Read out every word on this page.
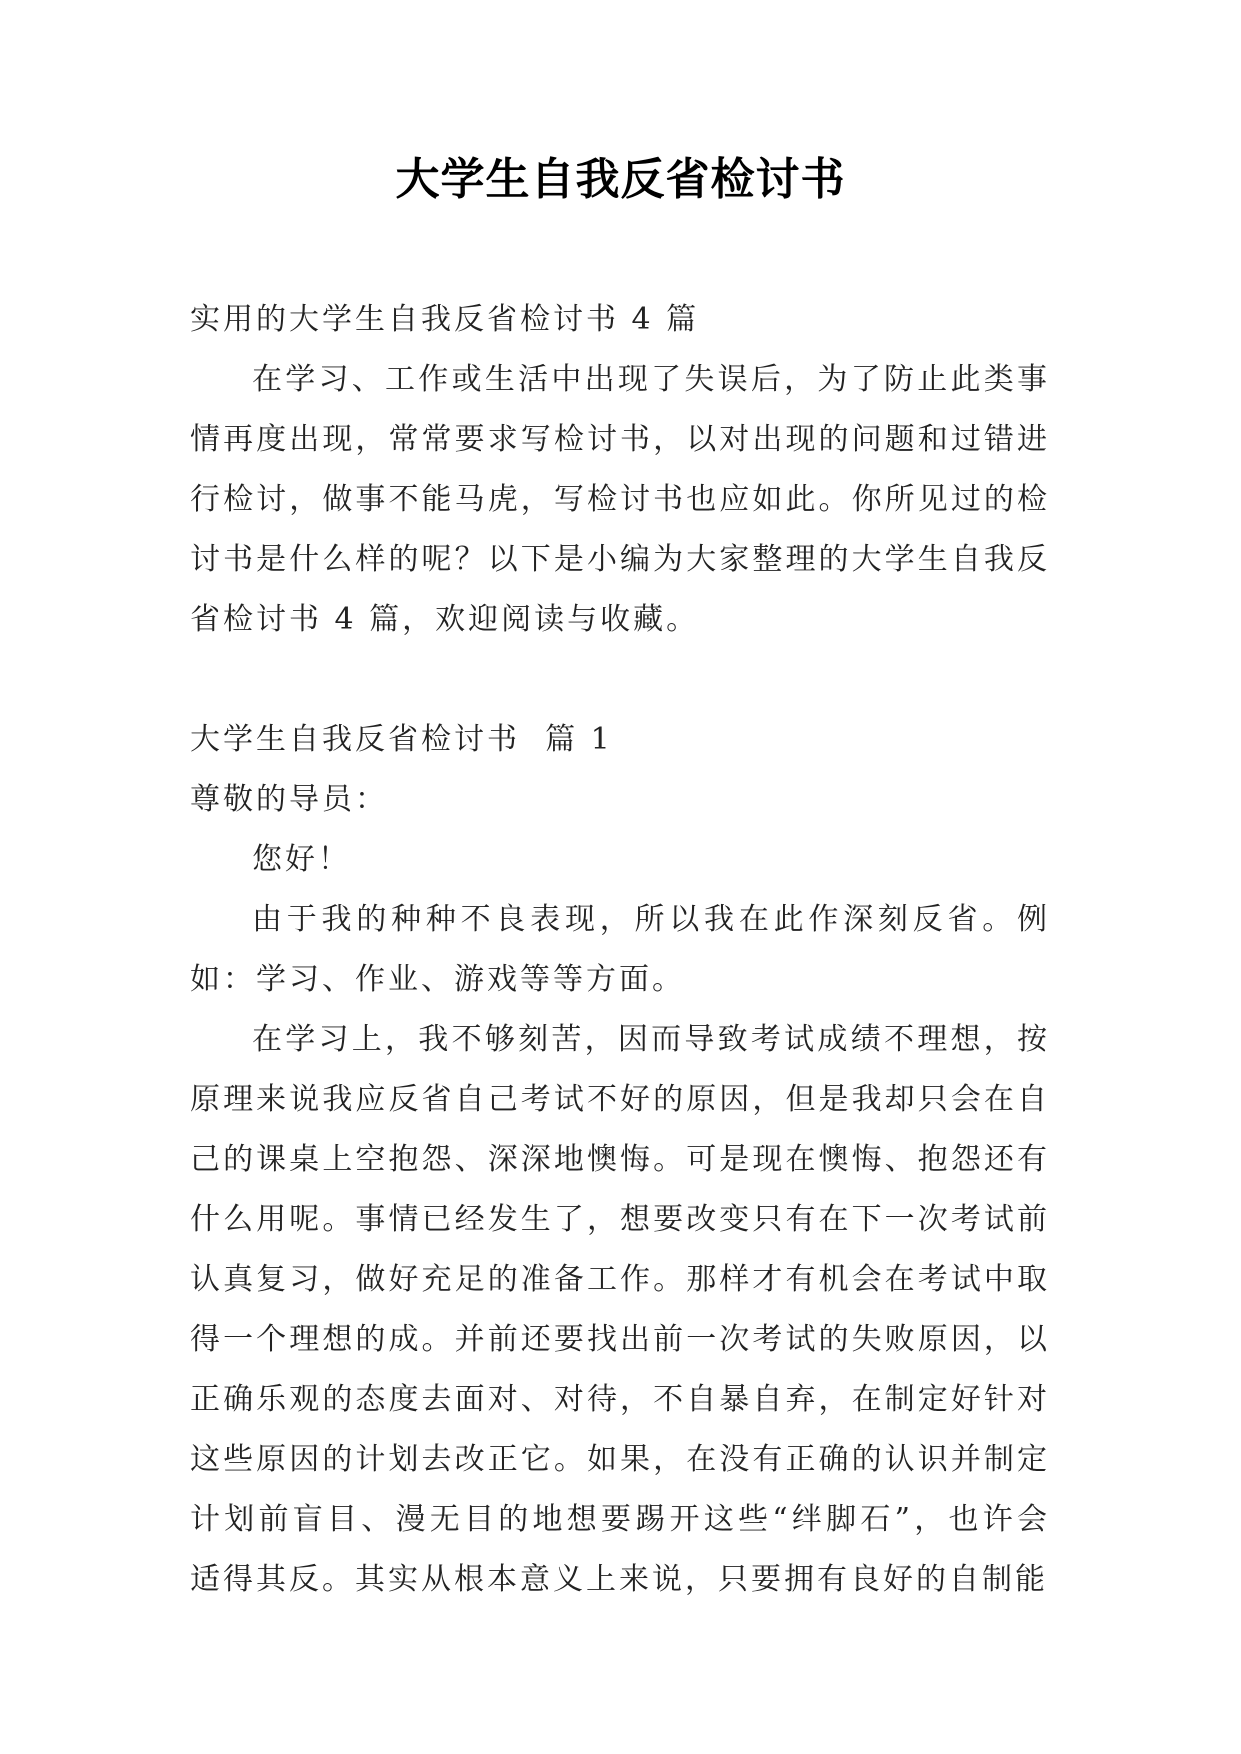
大学生自我反省检讨书

实用的大学生自我反省检讨书 4 篇

在学习、工作或生活中出现了失误后，为了防止此类事情再度出现，常常要求写检讨书，以对出现的问题和过错进行检讨，做事不能马虎，写检讨书也应如此。你所见过的检讨书是什么样的呢？以下是小编为大家整理的大学生自我反省检讨书 4 篇，欢迎阅读与收藏。

大学生自我反省检讨书  篇 1

尊敬的导员：

您好！

由于我的种种不良表现，所以我在此作深刻反省。例如：学习、作业、游戏等等方面。

在学习上，我不够刻苦，因而导致考试成绩不理想，按原理来说我应反省自己考试不好的原因，但是我却只会在自己的课桌上空抱怨、深深地懊悔。可是现在懊悔、抱怨还有什么用呢。事情已经发生了，想要改变只有在下一次考试前认真复习，做好充足的准备工作。那样才有机会在考试中取得一个理想的成。并前还要找出前一次考试的失败原因，以正确乐观的态度去面对、对待，不自暴自弃，在制定好针对这些原因的计划去改正它。如果，在没有正确的认识并制定计划前盲目、漫无目的地想要踢开这些“绊脚石”，也许会适得其反。其实从根本意义上来说，只要拥有良好的自制能
